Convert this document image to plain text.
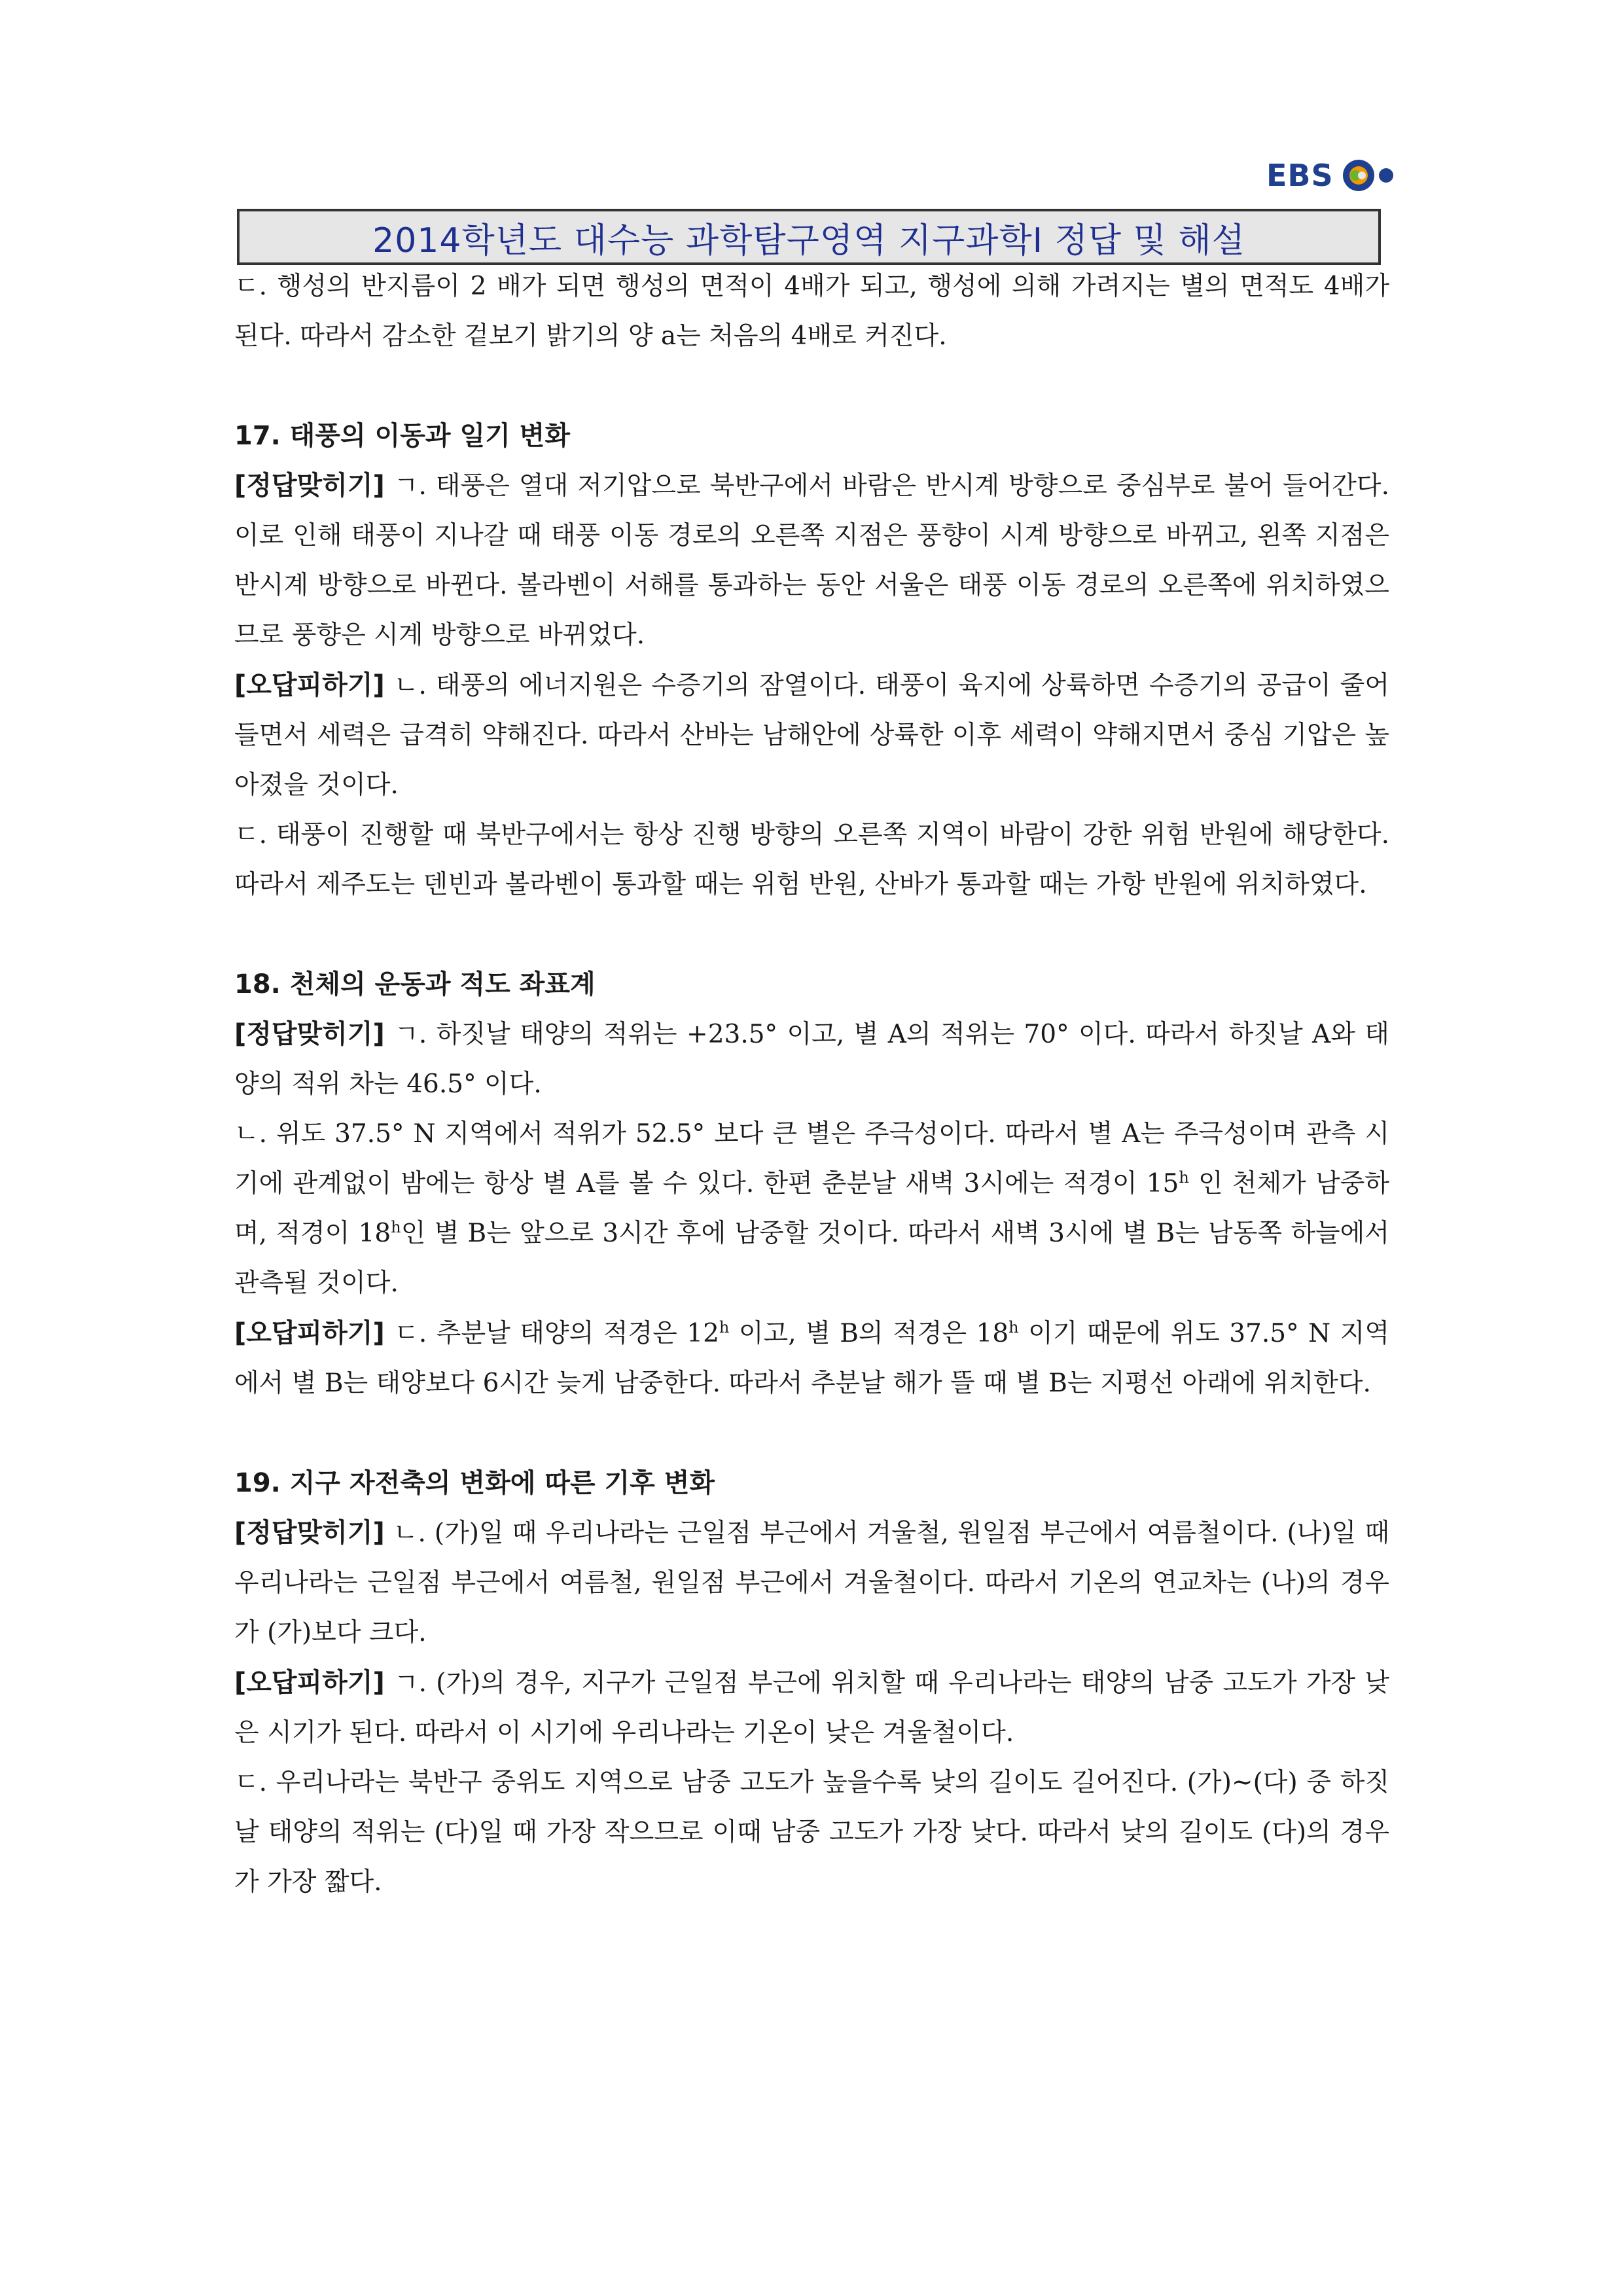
EBS
2014학년도 대수능 과학탐구영역 지구과학Ⅰ 정답 및 해설

ㄷ. 행성의 반지름이 2 배가 되면 행성의 면적이 4배가 되고, 행성에 의해 가려지는 별의 면적도 4배가 된다. 따라서 감소한 겉보기 밝기의 양 a는 처음의 4배로 커진다.

17. 태풍의 이동과 일기 변화

[정답맞히기] ㄱ. 태풍은 열대 저기압으로 북반구에서 바람은 반시계 방향으로 중심부로 불어 들어간다. 이로 인해 태풍이 지나갈 때 태풍 이동 경로의 오른쪽 지점은 풍향이 시계 방향으로 바뀌고, 왼쪽 지점은 반시계 방향으로 바뀐다. 볼라벤이 서해를 통과하는 동안 서울은 태풍 이동 경로의 오른쪽에 위치하였으므로 풍향은 시계 방향으로 바뀌었다.

[오답피하기] ㄴ. 태풍의 에너지원은 수증기의 잠열이다. 태풍이 육지에 상륙하면 수증기의 공급이 줄어들면서 세력은 급격히 약해진다. 따라서 산바는 남해안에 상륙한 이후 세력이 약해지면서 중심 기압은 높아졌을 것이다.

ㄷ. 태풍이 진행할 때 북반구에서는 항상 진행 방향의 오른쪽 지역이 바람이 강한 위험 반원에 해당한다. 따라서 제주도는 덴빈과 볼라벤이 통과할 때는 위험 반원, 산바가 통과할 때는 가항 반원에 위치하였다.

18. 천체의 운동과 적도 좌표계

[정답맞히기] ㄱ. 하짓날 태양의 적위는 +23.5° 이고, 별 A의 적위는 70° 이다. 따라서 하짓날 A와 태양의 적위 차는 46.5° 이다.

ㄴ. 위도 37.5° N 지역에서 적위가 52.5° 보다 큰 별은 주극성이다. 따라서 별 A는 주극성이며 관측 시기에 관계없이 밤에는 항상 별 A를 볼 수 있다. 한편 춘분날 새벽 3시에는 적경이 15$^h$ 인 천체가 남중하며, 적경이 18$^h$인 별 B는 앞으로 3시간 후에 남중할 것이다. 따라서 새벽 3시에 별 B는 남동쪽 하늘에서 관측될 것이다.

[오답피하기] ㄷ. 추분날 태양의 적경은 12$^h$ 이고, 별 B의 적경은 18$^h$ 이기 때문에 위도 37.5° N 지역에서 별 B는 태양보다 6시간 늦게 남중한다. 따라서 추분날 해가 뜰 때 별 B는 지평선 아래에 위치한다.

19. 지구 자전축의 변화에 따른 기후 변화

[정답맞히기] ㄴ. (가)일 때 우리나라는 근일점 부근에서 겨울철, 원일점 부근에서 여름철이다. (나)일 때 우리나라는 근일점 부근에서 여름철, 원일점 부근에서 겨울철이다. 따라서 기온의 연교차는 (나)의 경우가 (가)보다 크다.

[오답피하기] ㄱ. (가)의 경우, 지구가 근일점 부근에 위치할 때 우리나라는 태양의 남중 고도가 가장 낮은 시기가 된다. 따라서 이 시기에 우리나라는 기온이 낮은 겨울철이다.

ㄷ. 우리나라는 북반구 중위도 지역으로 남중 고도가 높을수록 낮의 길이도 길어진다. (가)~(다) 중 하짓날 태양의 적위는 (다)일 때 가장 작으므로 이때 남중 고도가 가장 낮다. 따라서 낮의 길이도 (다)의 경우가 가장 짧다.
